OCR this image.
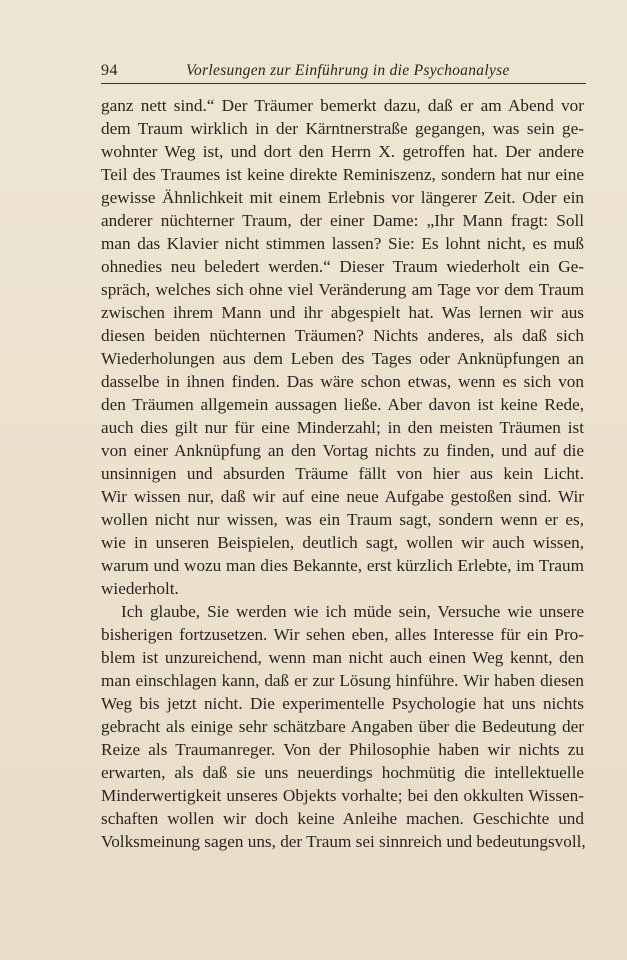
94	Vorlesungen zur Einführung in die Psychoanalyse
ganz nett sind.“ Der Träumer bemerkt dazu, daß er am Abend vor
dem Traum wirklich in der Kärntnerstraße gegangen, was sein ge-
wohnter Weg ist, und dort den Herrn X. getroffen hat. Der andere
Teil des Traumes ist keine direkte Reminiszenz, sondern hat nur eine
gewisse Ähnlichkeit mit einem Erlebnis vor längerer Zeit. Oder ein
anderer nüchterner Traum, der einer Dame: „Ihr Mann fragt: Soll
man das Klavier nicht stimmen lassen? Sie: Es lohnt nicht, es muß
ohnedies neu beledert werden.“ Dieser Traum wiederholt ein Ge-
spräch, welches sich ohne viel Veränderung am Tage vor dem Traum
zwischen ihrem Mann und ihr abgespielt hat. Was lernen wir aus
diesen beiden nüchternen Träumen? Nichts anderes, als daß sich
Wiederholungen aus dem Leben des Tages oder Anknüpfungen an
dasselbe in ihnen finden. Das wäre schon etwas, wenn es sich von
den Träumen allgemein aussagen ließe. Aber davon ist keine Rede,
auch dies gilt nur für eine Minderzahl; in den meisten Träumen ist
von einer Anknüpfung an den Vortag nichts zu finden, und auf die
unsinnigen und absurden Träume fällt von hier aus kein Licht.
Wir wissen nur, daß wir auf eine neue Aufgabe gestoßen sind. Wir
wollen nicht nur wissen, was ein Traum sagt, sondern wenn er es,
wie in unseren Beispielen, deutlich sagt, wollen wir auch wissen,
warum und wozu man dies Bekannte, erst kürzlich Erlebte, im Traum
wiederholt.
Ich glaube, Sie werden wie ich müde sein, Versuche wie unsere
bisherigen fortzusetzen. Wir sehen eben, alles Interesse für ein Pro-
blem ist unzureichend, wenn man nicht auch einen Weg kennt, den
man einschlagen kann, daß er zur Lösung hinführe. Wir haben diesen
Weg bis jetzt nicht. Die experimentelle Psychologie hat uns nichts
gebracht als einige sehr schätzbare Angaben über die Bedeutung der
Reize als Traumanreger. Von der Philosophie haben wir nichts zu
erwarten, als daß sie uns neuerdings hochmütig die intellektuelle
Minderwertigkeit unseres Objekts vorhalte; bei den okkulten Wissen-
schaften wollen wir doch keine Anleihe machen. Geschichte und
Volksmeinung sagen uns, der Traum sei sinnreich und bedeutungsvoll,
